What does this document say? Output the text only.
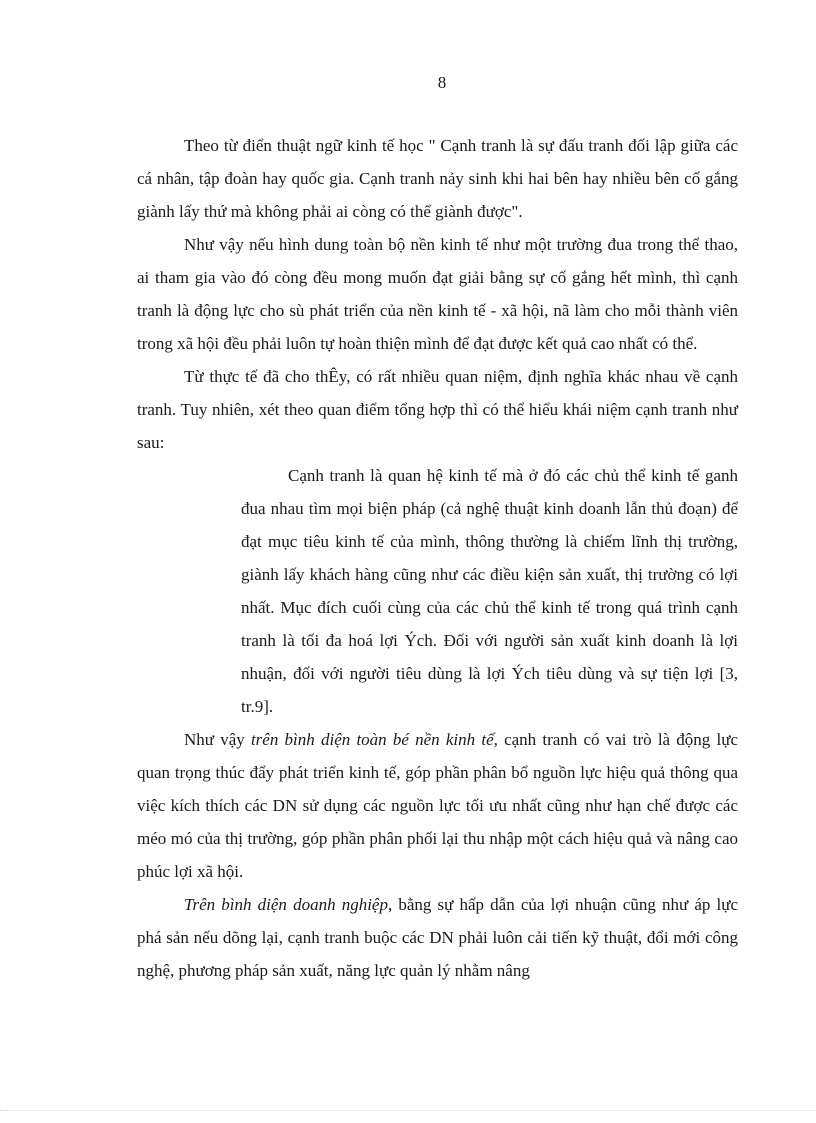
8

Theo từ điển thuật ngữ kinh tế học " Cạnh tranh là sự đấu tranh đối lập giữa các cá nhân, tập đoàn hay quốc gia. Cạnh tranh nảy sinh khi hai bên hay nhiều bên cố gắng giành lấy thứ mà không phải ai còng có thể giành được".

Như vậy nếu hình dung toàn bộ nền kinh tế như một trường đua trong thể thao, ai tham gia vào đó còng đều mong muốn đạt giải bằng sự cố gắng hết mình, thì cạnh tranh là động lực cho sù phát triển của nền kinh tế - xã hội, nã làm cho mỗi thành viên trong xã hội đều phải luôn tự hoàn thiện mình để đạt được kết quả cao nhất có thể.

Từ thực tế đã cho thÊy, có rất nhiều quan niệm, định nghĩa khác nhau về cạnh tranh. Tuy nhiên, xét theo quan điểm tổng hợp thì có thể hiểu khái niệm cạnh tranh như sau:

Cạnh tranh là quan hệ kinh tế mà ở đó các chủ thể kinh tế ganh đua nhau tìm mọi biện pháp (cả nghệ thuật kinh doanh lẫn thủ đoạn) để đạt mục tiêu kinh tế của mình, thông thường là chiếm lĩnh thị trường, giành lấy khách hàng cũng như các điều kiện sản xuất, thị trường có lợi nhất. Mục đích cuối cùng của các chủ thể kinh tế trong quá trình cạnh tranh là tối đa hoá lợi Ých. Đối với người sản xuất kinh doanh là lợi nhuận, đối với người tiêu dùng là lợi Ých tiêu dùng và sự tiện lợi [3, tr.9].

Như vậy trên bình diện toàn bé nền kinh tế, cạnh tranh có vai trò là động lực quan trọng thúc đẩy phát triển kinh tế, góp phần phân bổ nguồn lực hiệu quả thông qua việc kích thích các DN sử dụng các nguồn lực tối ưu nhất cũng như hạn chế được các méo mó của thị trường, góp phần phân phối lại thu nhập một cách hiệu quả và nâng cao phúc lợi xã hội.

Trên bình diện doanh nghiệp, bằng sự hấp dẫn của lợi nhuận cũng như áp lực phá sản nếu dõng lại, cạnh tranh buộc các DN phải luôn cải tiến kỹ thuật, đổi mới công nghệ, phương pháp sản xuất, năng lực quản lý nhằm nâng
